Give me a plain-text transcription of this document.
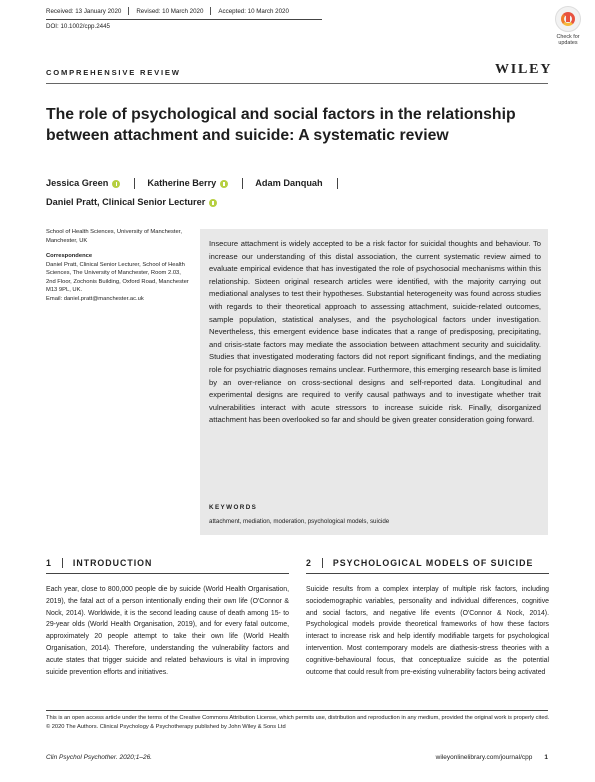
Received: 13 January 2020 Revised: 10 March 2020 Accepted: 10 March 2020
DOI: 10.1002/cpp.2445
Check for
updates
COMPREHENSIVE REVIEW	WILEY
The role of psychological and social factors in the relationship between attachment and suicide: A systematic review
Jessica Green	Katherine Berry	Adam Danquah
Daniel Pratt, Clinical Senior Lecturer

School of Health Sciences, University of Manchester, Manchester, UK

Correspondence

Daniel Pratt, Clinical Senior Lecturer, School of Health Sciences, The University of Manchester, Room 2.03, 2nd Floor, Zochonis Building, Oxford Road, Manchester M13 9PL, UK.

Email: daniel.pratt@manchester.ac.uk

Insecure attachment is widely accepted to be a risk factor for suicidal thoughts and behaviour. To increase our understanding of this distal association, the current systematic review aimed to evaluate empirical evidence that has investigated the role of psychosocial mechanisms within this relationship. Sixteen original research articles were identified, with the majority carrying out mediational analyses to test their hypotheses. Substantial heterogeneity was found across studies with regards to their theoretical approach to assessing attachment, suicide-related outcomes, sample population, statistical analyses, and the psychological factors under investigation. Nevertheless, this emergent evidence base indicates that a range of predisposing, precipitating, and crisis-state factors may mediate the association between attachment security and suicidality. Studies that investigated moderating factors did not report significant findings, and the mediating role for psychiatric diagnoses remains unclear. Furthermore, this emerging research base is limited by an over-reliance on cross-sectional designs and self-reported data. Longitudinal and experimental designs are required to verify causal pathways and to investigate whether trait vulnerabilities interact with acute stressors to increase suicide risk. Finally, disorganized attachment has been overlooked so far and should be given greater consideration going forward.
KEYWORDS
attachment, mediation, moderation, psychological models, suicide
1 INTRODUCTION
Each year, close to 800,000 people die by suicide (World Health Organisation, 2019), the fatal act of a person intentionally ending their own life (O'Connor & Nock, 2014). Worldwide, it is the second leading cause of death among 15- to 29-year olds (World Health Organisation, 2019), and for every fatal outcome, approximately 20 people attempt to take their own life (World Health Organisation, 2014). Therefore, understanding the vulnerability factors and acute states that trigger suicide and related behaviours is vital in improving suicide prevention efforts and initiatives.
2 PSYCHOLOGICAL MODELS OF SUICIDE
Suicide results from a complex interplay of multiple risk factors, including sociodemographic variables, personality and individual differences, cognitive and social factors, and negative life events (O'Connor & Nock, 2014). Psychological models provide theoretical frameworks of how these factors interact to increase risk and help identify modifiable targets for psychological intervention. Most contemporary models are diathesis-stress theories with a cognitive-behavioural focus, that conceptualize suicide as the potential outcome that could result from pre-existing vulnerability factors being activated

This is an open access article under the terms of the Creative Commons Attribution License, which permits use, distribution and reproduction in any medium, provided the original work is properly cited.

© 2020 The Authors. Clinical Psychology & Psychotherapy published by John Wiley & Sons Ltd

Clin Psychol Psychother. 2020;1–26.	wileyonlinelibrary.com/journal/cpp 1
